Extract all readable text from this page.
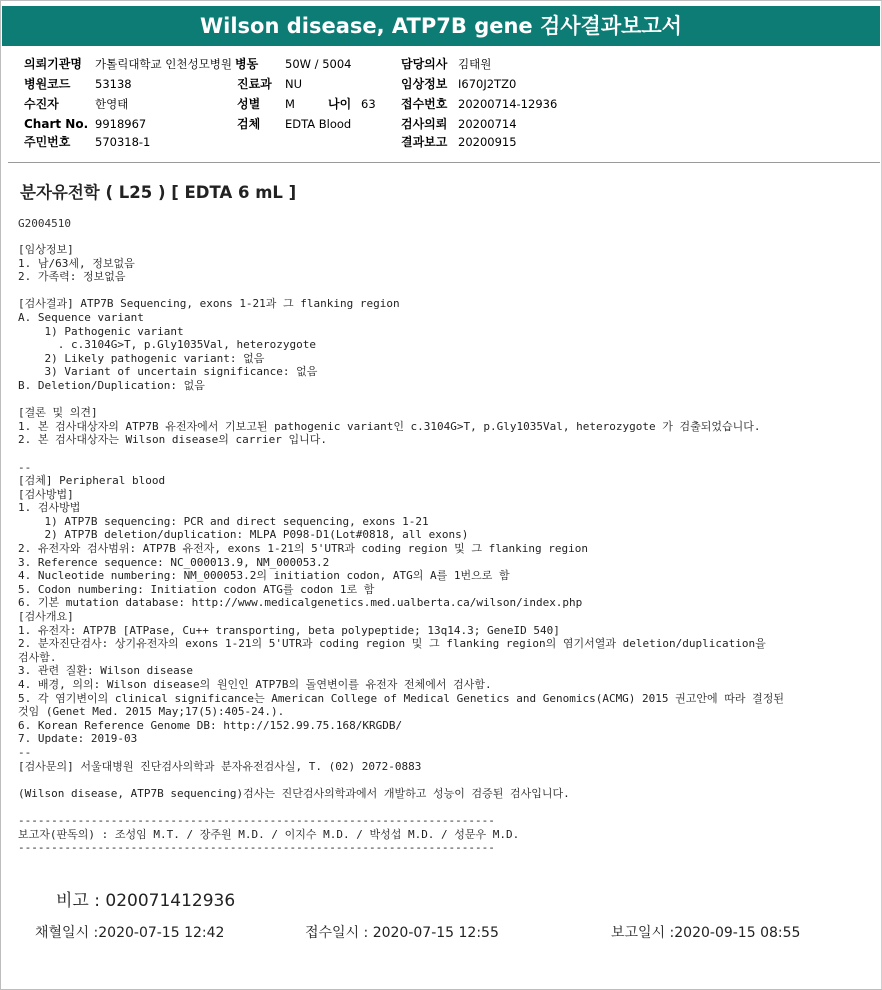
Wilson disease, ATP7B gene 검사결과보고서
의뢰기관명 가톨릭대학교 인천성모병원 병동 50W / 5004	담당의사 김태원
병원코드 53138	진료과 NU	임상정보 I670J2TZ0
수진자	한영태	성별 M	나이 63 접수번호 20200714-12936
Chart No. 9918967	검체 EDTA Blood	검사의뢰 20200714
주민번호 570318-1	결과보고 20200915
분자유전학 ( L25 ) [ EDTA 6 mL ]
G2004510
[임상정보]
1. 남/63세, 정보없음
2. 가족력: 정보없음

[검사결과] ATP7B Sequencing, exons 1-21과 그 flanking region
A. Sequence variant
1) Pathogenic variant
. c.3104G>T, p.Gly1035Val, heterozygote
2) Likely pathogenic variant: 없음
3) Variant of uncertain significance: 없음
B. Deletion/Duplication: 없음

[결론 및 의견]
1. 본 검사대상자의 ATP7B 유전자에서 기보고된 pathogenic variant인 c.3104G>T, p.Gly1035Val, heterozygote 가 검출되었습니다.
2. 본 검사대상자는 Wilson disease의 carrier 입니다.

--
[검체] Peripheral blood
[검사방법]
1. 검사방법
1) ATP7B sequencing: PCR and direct sequencing, exons 1-21
2) ATP7B deletion/duplication: MLPA P098-D1(Lot#0818, all exons)
2. 유전자와 검사범위: ATP7B 유전자, exons 1-21의 5'UTR과 coding region 및 그 flanking region
3. Reference sequence: NC_000013.9, NM_000053.2
4. Nucleotide numbering: NM_000053.2의 initiation codon, ATG의 A를 1번으로 함
5. Codon numbering: Initiation codon ATG를 codon 1로 함
6. 기본 mutation database: http://www.medicalgenetics.med.ualberta.ca/wilson/index.php
[검사개요]
1. 유전자: ATP7B [ATPase, Cu++ transporting, beta polypeptide; 13q14.3; GeneID 540]
2. 분자진단검사: 상기유전자의 exons 1-21의 5'UTR과 coding region 및 그 flanking region의 염기서열과 deletion/duplication을
검사함.
3. 관련 질환: Wilson disease
4. 배경, 의의: Wilson disease의 원인인 ATP7B의 돌연변이를 유전자 전체에서 검사함.
5. 각 염기변이의 clinical significance는 American College of Medical Genetics and Genomics(ACMG) 2015 권고안에 따라 결정된
것임 (Genet Med. 2015 May;17(5):405-24.).
6. Korean Reference Genome DB: http://152.99.75.168/KRGDB/
7. Update: 2019-03
--
[검사문의] 서울대병원 진단검사의학과 분자유전검사실, T. (02) 2072-0883

(Wilson disease, ATP7B sequencing)검사는 진단검사의학과에서 개발하고 성능이 검증된 검사입니다.

------------------------------------------------------------------------
보고자(판독의) : 조성임 M.T. / 장주원 M.D. / 이지수 M.D. / 박성섭 M.D. / 성문우 M.D.
------------------------------------------------------------------------

비고 : 020071412936
채혈일시 :2020-07-15 12:42	접수일시 : 2020-07-15 12:55	보고일시 :2020-09-15 08:55
